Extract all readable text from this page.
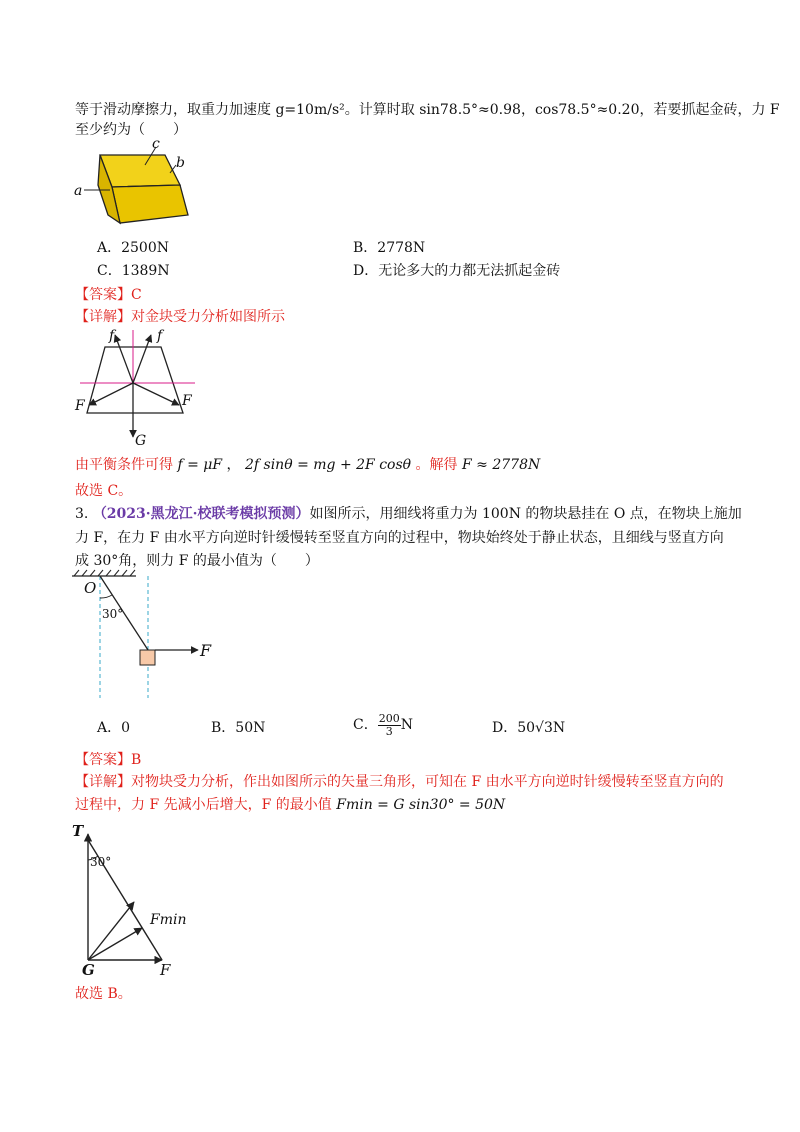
等于滑动摩擦力，取重力加速度 g=10m/s²。计算时取 sin78.5°≈0.98，cos78.5°≈0.20，若要抓起金砖，力 F
至少约为（　　）
c
b
a
A．2500N	B．2778N
C．1389N	D．无论多大的力都无法抓起金砖
【答案】C
【详解】对金块受力分析如图所示
f	f
F	F
G
由平衡条件可得 f = μF ， 2f sinθ = mg + 2F cosθ 。解得 F ≈ 2778N
故选 C。
3. （2023·黑龙江·校联考模拟预测）如图所示，用细线将重力为 100N 的物块悬挂在 O 点，在物块上施加
力 F，在力 F 由水平方向逆时针缓慢转至竖直方向的过程中，物块始终处于静止状态，且细线与竖直方向
成 30°角，则力 F 的最小值为（　　）
O
30°
F
A．0	B．50N	C． $\frac{200}{3}$ N	D．50√3N
【答案】B
【详解】对物块受力分析，作出如图所示的矢量三角形，可知在 F 由水平方向逆时针缓慢转至竖直方向的
过程中，力 F 先减小后增大，F 的最小值 Fmin = G sin30° = 50N
T
30°
Fmin
G	F
故选 B。
